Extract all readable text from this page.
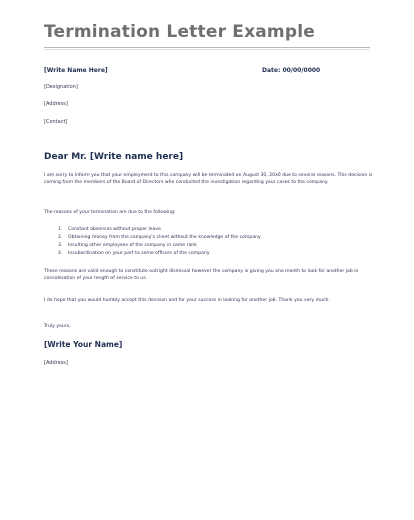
Termination Letter Example
[Write Name Here]	Date: 00/00/0000
[Designation]
[Address]
[Contact]
Dear Mr. [Write name here]
I am sorry to inform you that your employment to this company will be terminated on August 30, 20x0 due to several reasons. This decision is coming from the members of the Board of Directors who conducted the investigation regarding your cases to the company.
The reasons of your termination are due to the following:
1. Constant absences without proper leave
2. Obtaining money from the company's client without the knowledge of the company
3. Insulting other employees of the company in same rank
4. Insubordination on your part to some officers of the company
These reasons are valid enough to constitute outright dismissal however the company is giving you one month to look for another job in consideration of your length of service to us.
I do hope that you would humbly accept this decision and for your success in looking for another job. Thank you very much.
Truly yours,
[Write Your Name]
[Address]
